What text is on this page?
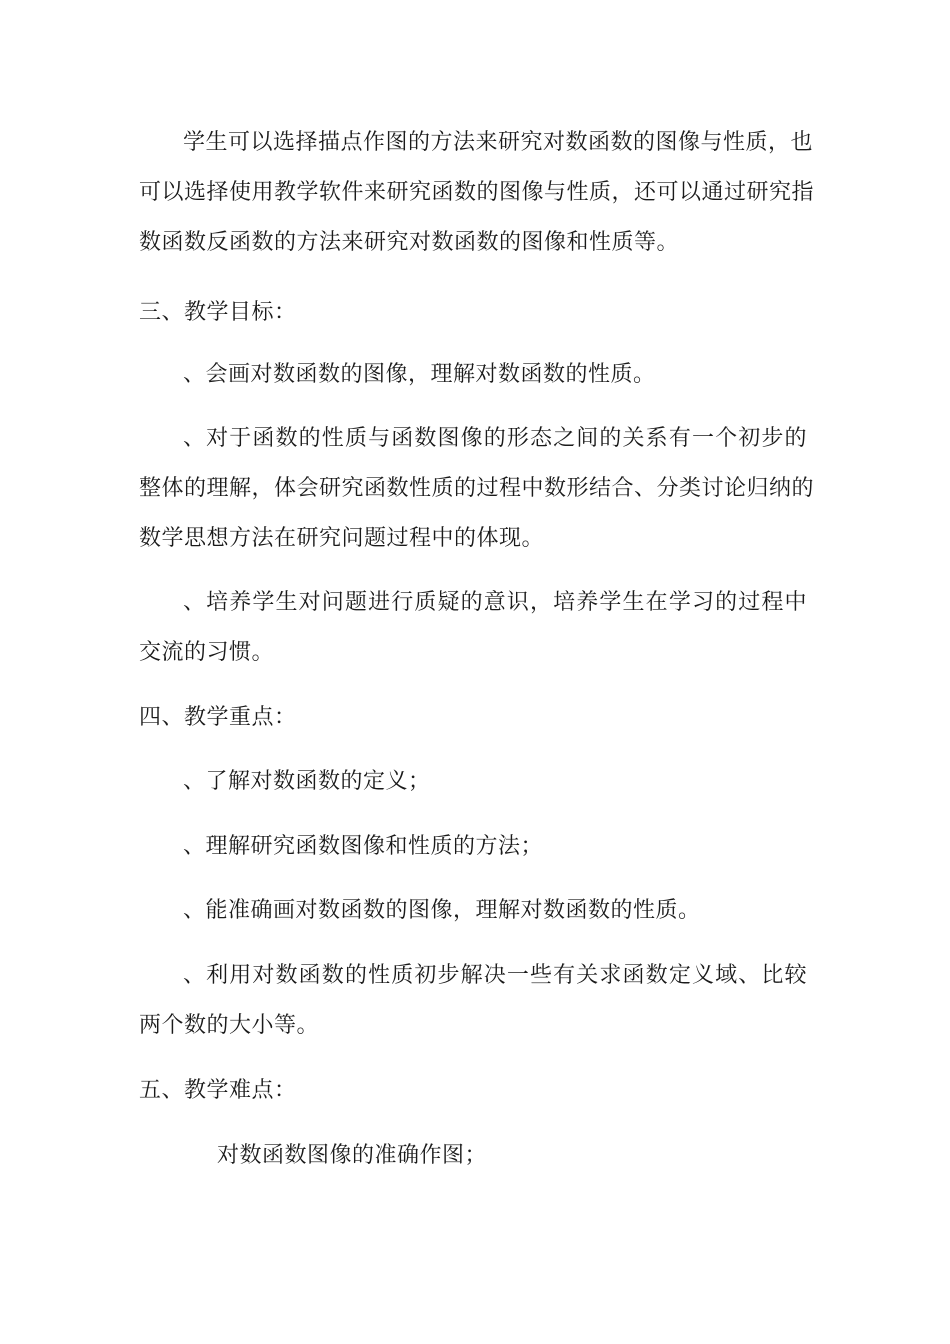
学生可以选择描点作图的方法来研究对数函数的图像与性质，也
可以选择使用教学软件来研究函数的图像与性质，还可以通过研究指
数函数反函数的方法来研究对数函数的图像和性质等。
三、教学目标：
、会画对数函数的图像，理解对数函数的性质。
、对于函数的性质与函数图像的形态之间的关系有一个初步的
整体的理解，体会研究函数性质的过程中数形结合、分类讨论归纳的
数学思想方法在研究问题过程中的体现。
、培养学生对问题进行质疑的意识，培养学生在学习的过程中
交流的习惯。
四、教学重点：
、了解对数函数的定义；
、理解研究函数图像和性质的方法；
、能准确画对数函数的图像，理解对数函数的性质。
、利用对数函数的性质初步解决一些有关求函数定义域、比较
两个数的大小等。
五、教学难点：
对数函数图像的准确作图；
